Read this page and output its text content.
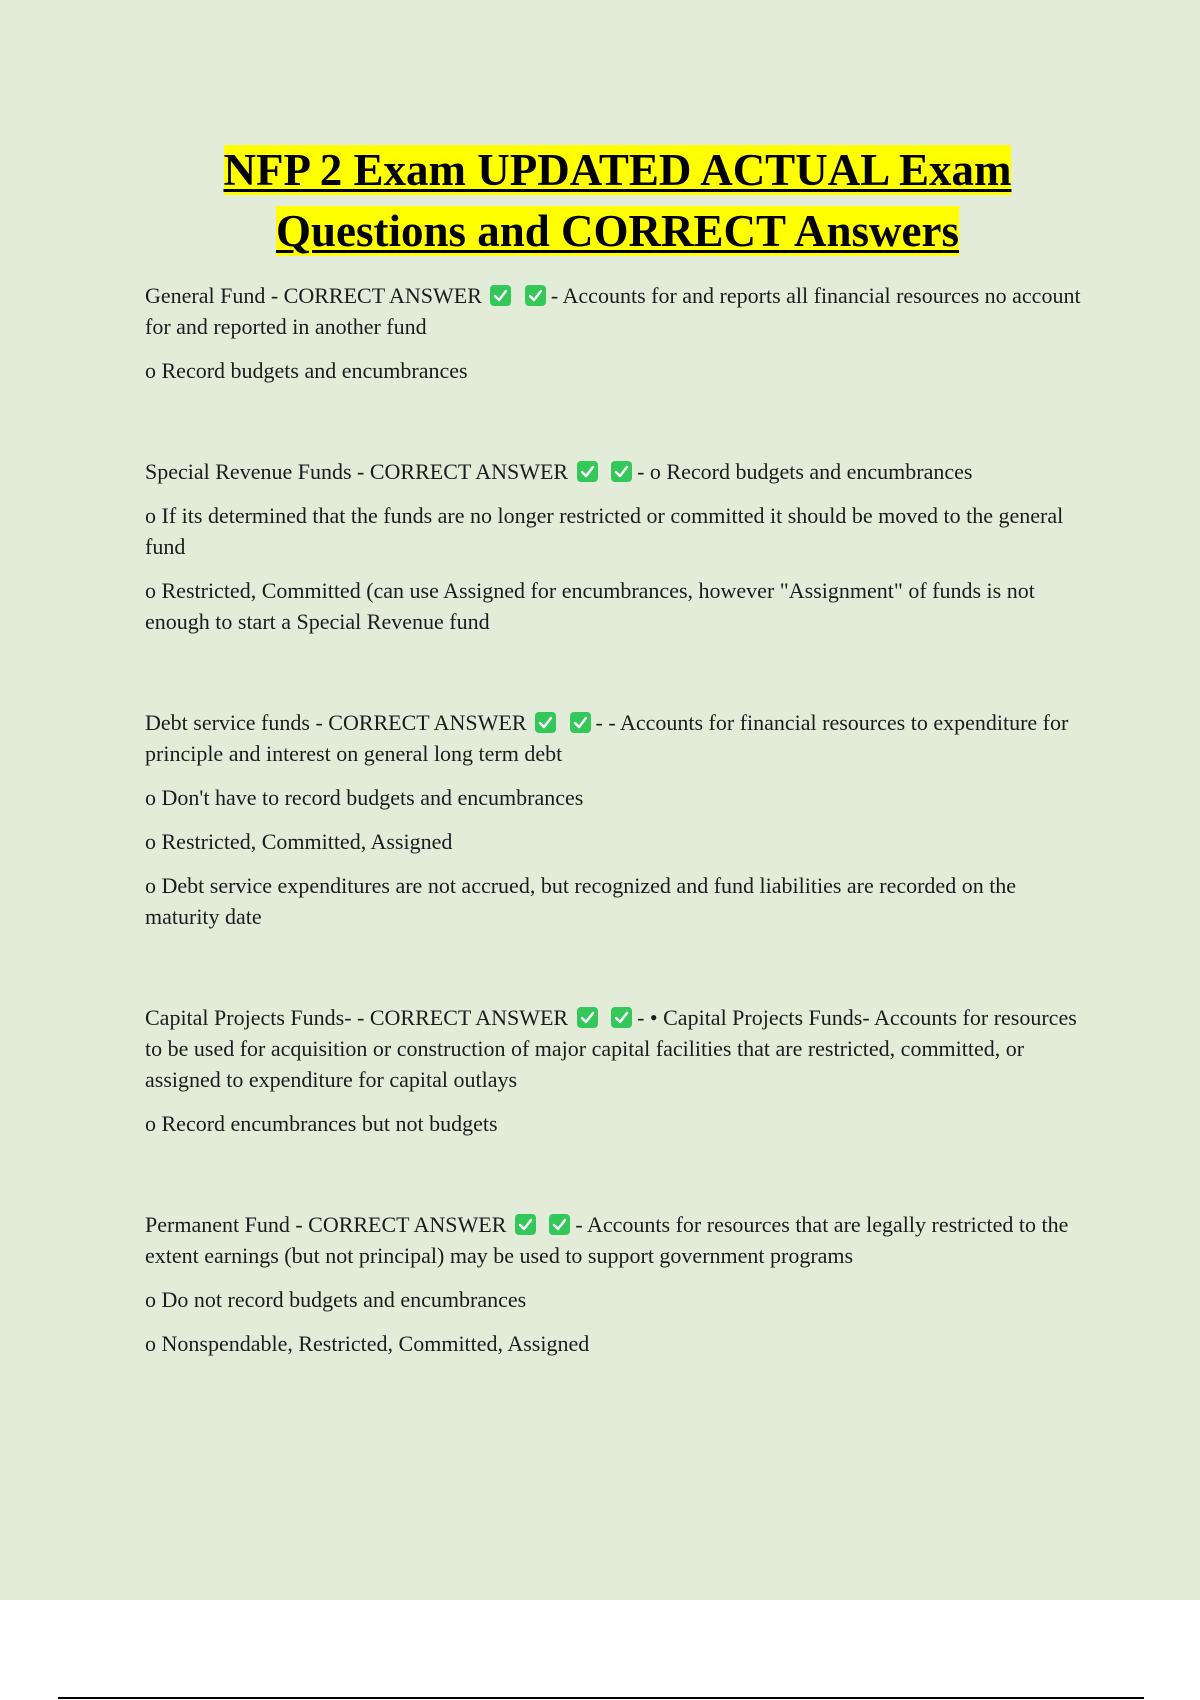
NFP 2 Exam UPDATED ACTUAL Exam
Questions and CORRECT Answers

General Fund - CORRECT ANSWER
	- Accounts for and reports all financial resources no account for and reported in another fund

o Record budgets and encumbrances

Special Revenue Funds - CORRECT ANSWER
	- o Record budgets and encumbrances

o If its determined that the funds are no longer restricted or committed it should be moved to the general fund

o Restricted, Committed (can use Assigned for encumbrances, however "Assignment" of funds is not enough to start a Special Revenue fund

Debt service funds - CORRECT ANSWER
	- - Accounts for financial resources to expenditure for principle and interest on general long term debt

o Don't have to record budgets and encumbrances

o Restricted, Committed, Assigned

o Debt service expenditures are not accrued, but recognized and fund liabilities are recorded on the maturity date

Capital Projects Funds- - CORRECT ANSWER
	- • Capital Projects Funds- Accounts for resources to be used for acquisition or construction of major capital facilities that are restricted, committed, or assigned to expenditure for capital outlays

o Record encumbrances but not budgets

Permanent Fund - CORRECT ANSWER
	- Accounts for resources that are legally restricted to the extent earnings (but not principal) may be used to support government programs

o Do not record budgets and encumbrances

o Nonspendable, Restricted, Committed, Assigned
